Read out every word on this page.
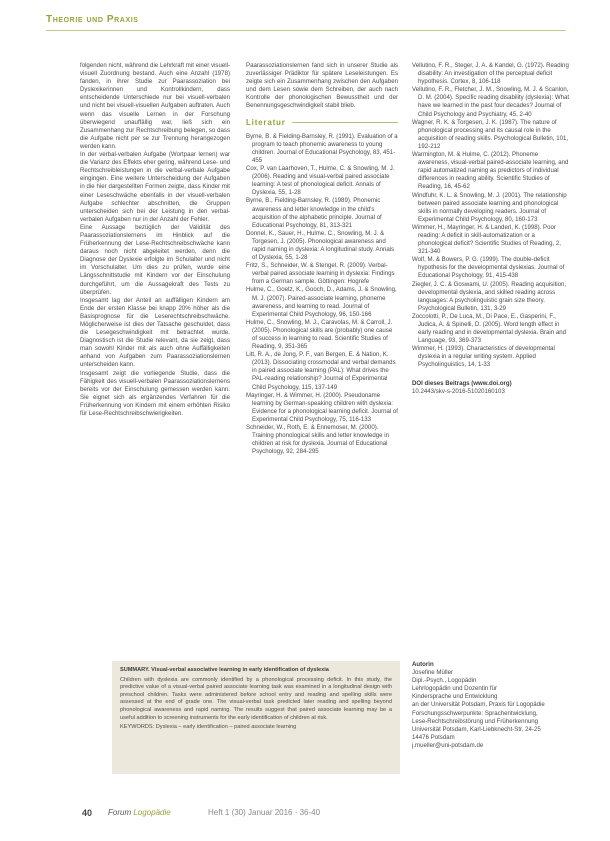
Theorie und Praxis

folgenden nicht, während die Lehrkraft mit einer visuell-visuell Zuordnung bestand. Auch eine Anzahl (1978) fanden, in ihrer Studie zur Paarassoziation bei Dyslexikerinnen und Kontrollkindern, dass entscheidende Unterschiede nur bei visuell-verbalen und nicht bei visuell-visuellen Aufgaben auftraten. Auch wenn das visuelle Lernen in der Forschung überwiegend unauffällig war, ließ sich ein Zusammenhang zur Rechtschreibung belegen, so dass die Aufgabe nicht per se zur Trennung herangezogen werden kann.

In der verbal-verbalen Aufgabe (Wortpaar lernen) war die Varianz des Effekts eher gering, während Lese- und Rechtschreibleistungen in die verbal-verbale Aufgabe eingingen. Eine weitere Unterscheidung der Aufgaben in die hier dargestellten Formen zeigte, dass Kinder mit einer Leseschwäche ebenfalls in der visuell-verbalen Aufgabe schlechter abschnitten, die Gruppen unterscheiden sich bei der Leistung in den verbal-verbalen Aufgaben nur in der Anzahl der Fehler.

Eine Aussage bezüglich der Validität des Paarassoziationslernens im Hinblick auf die Früherkennung der Lese-Rechtschreibschwäche kann daraus noch nicht abgeleitet werden, denn die Diagnose der Dyslexie erfolgte im Schulalter und nicht im Vorschulalter. Um dies zu prüfen, wurde eine Längsschnittstudie mit Kindern vor der Einschulung durchgeführt, um die Aussagekraft des Tests zu überprüfen.

Insgesamt lag der Anteil an auffälligen Kindern am Ende der ersten Klasse bei knapp 20% höher als die Basisprognose für die Leserechtschreibschwäche. Möglicherweise ist dies der Tatsache geschuldet, dass die Lesegeschwindigkeit mit betrachtet wurde. Diagnostisch ist die Studie relevant, da sie zeigt, dass man sowohl Kinder mit als auch ohne Auffälligkeiten anhand von Aufgaben zum Paarassoziationslernen unterscheiden kann.

Insgesamt zeigt die vorliegende Studie, dass die Fähigkeit des visuell-verbalen Paarassoziationslernens bereits vor der Einschulung gemessen werden kann. Sie eignet sich als ergänzendes Verfahren für die Früherkennung von Kindern mit einem erhöhten Risiko für Lese-Rechtschreibschwierigkeiten.

Paarassoziationslernen fand sich in unserer Studie als zuverlässiger Prädiktor für spätere Leseleistungen. Es zeigte sich ein Zusammenhang zwischen den Aufgaben und dem Lesen sowie dem Schreiben, der auch nach Kontrolle der phonologischen Bewusstheit und der Benennungsgeschwindigkeit stabil blieb.

Literatur

Byrne, B. & Fielding-Barnsley, R. (1991). Evaluation of a program to teach phonemic awareness to young children. Journal of Educational Psychology, 83, 451-455

Cox, P. van Laarhoven, T., Hulme, C. & Snowling, M. J. (2006). Reading and visual-verbal paired associate learning: A test of phonological deficit. Annals of Dyslexia, 55, 1-28

Byrne, B., Fielding-Barnsley, R. (1989). Phonemic awareness and letter knowledge in the child's acquisition of the alphabetic principle. Journal of Educational Psychology, 81, 313-321

Donnel, K., Sauer, H., Hulme, C., Snowling, M. J. & Torgesen, J. (2005). Phonological awareness and rapid naming in dyslexia: A longitudinal study. Annals of Dyslexia, 55, 1-28

Fritz, S., Schneider, W. & Stengel, R. (2009). Verbal-verbal paired associate learning in dyslexia: Findings from a German sample. Göttingen: Hogrefe

Hulme, C., Goetz, K., Gooch, D., Adams, J. & Snowling, M. J. (2007). Paired-associate learning, phoneme awareness, and learning to read. Journal of Experimental Child Psychology, 96, 150-166

Hulme, C., Snowling, M. J., Caravolas, M. & Carroll, J. (2005). Phonological skills are (probably) one cause of success in learning to read. Scientific Studies of Reading, 9, 351-365

Litt, R. A., de Jong, P. F., van Bergen, E. & Nation, K. (2013). Dissociating crossmodal and verbal demands in paired associate learning (PAL): What drives the PAL-reading relationship? Journal of Experimental Child Psychology, 115, 137-149

Mayringer, H. & Wimmer, H. (2000). Pseudoname learning by German-speaking children with dyslexia: Evidence for a phonological learning deficit. Journal of Experimental Child Psychology, 75, 116-133

Schneider, W., Roth, E. & Ennemoser, M. (2000). Training phonological skills and letter knowledge in children at risk for dyslexia. Journal of Educational Psychology, 92, 284-295

Vellutino, F. R., Steger, J. A. & Kandel, G. (1972). Reading disability: An investigation of the perceptual deficit hypothesis. Cortex, 8, 106-118

Vellutino, F. R., Fletcher, J. M., Snowling, M. J. & Scanlon, D. M. (2004). Specific reading disability (dyslexia): What have we learned in the past four decades? Journal of Child Psychology and Psychiatry, 45, 2-40

Wagner, R. K. & Torgesen, J. K. (1987). The nature of phonological processing and its causal role in the acquisition of reading skills. Psychological Bulletin, 101, 192-212

Warmington, M. & Hulme, C. (2012). Phoneme awareness, visual-verbal paired-associate learning, and rapid automatized naming as predictors of individual differences in reading ability. Scientific Studies of Reading, 16, 45-62

Windfuhr, K. L. & Snowling, M. J. (2001). The relationship between paired associate learning and phonological skills in normally developing readers. Journal of Experimental Child Psychology, 80, 160-173

Wimmer, H., Mayringer, H. & Landerl, K. (1998). Poor reading: A deficit in skill-automatization or a phonological deficit? Scientific Studies of Reading, 2, 321-340

Wolf, M. & Bowers, P. G. (1999). The double-deficit hypothesis for the developmental dyslexias. Journal of Educational Psychology, 91, 415-438

Ziegler, J. C. & Goswami, U. (2005). Reading acquisition, developmental dyslexia, and skilled reading across languages: A psycholinguistic grain size theory. Psychological Bulletin, 131, 3-29

Zoccolotti, P., De Luca, M., Di Pace, E., Gasperini, F., Judica, A. & Spinelli, D. (2005). Word length effect in early reading and in developmental dyslexia. Brain and Language, 93, 369-373

Wimmer, H. (1993). Characteristics of developmental dyslexia in a regular writing system. Applied Psycholinguistics, 14, 1-33

DOI dieses Beitrags (www.doi.org)
10.2443/skv-s-2016-51020160103
SUMMARY. Visual-verbal associative learning in early identification of dyslexia
Children with dyslexia are commonly identified by a phonological processing deficit. In this study, the predictive value of a visual-verbal paired associate learning task was examined in a longitudinal design with preschool children. Tasks were administered before school entry and reading and spelling skills were assessed at the end of grade one. The visual-verbal task predicted later reading and spelling beyond phonological awareness and rapid naming. The results suggest that paired associate learning may be a useful addition to screening instruments for the early identification of children at risk.
KEYWORDS: Dyslexia – early identification – paired associate learning
Autorin
Josefine Müller
Dipl.-Psych., Logopädin
Lehrlogopädin und Dozentin für
Kindersprache und Entwicklung
an der Universität Potsdam, Praxis für Logopädie
Forschungsschwerpunkte: Sprachentwicklung,
Lese-Rechtschreibstörung und Früherkennung
Universität Potsdam, Karl-Liebknecht-Str. 24-25
14476 Potsdam
j.mueller@uni-potsdam.de
40 Forum Logopädie	Heft 1 (30) Januar 2016 · 36-40
